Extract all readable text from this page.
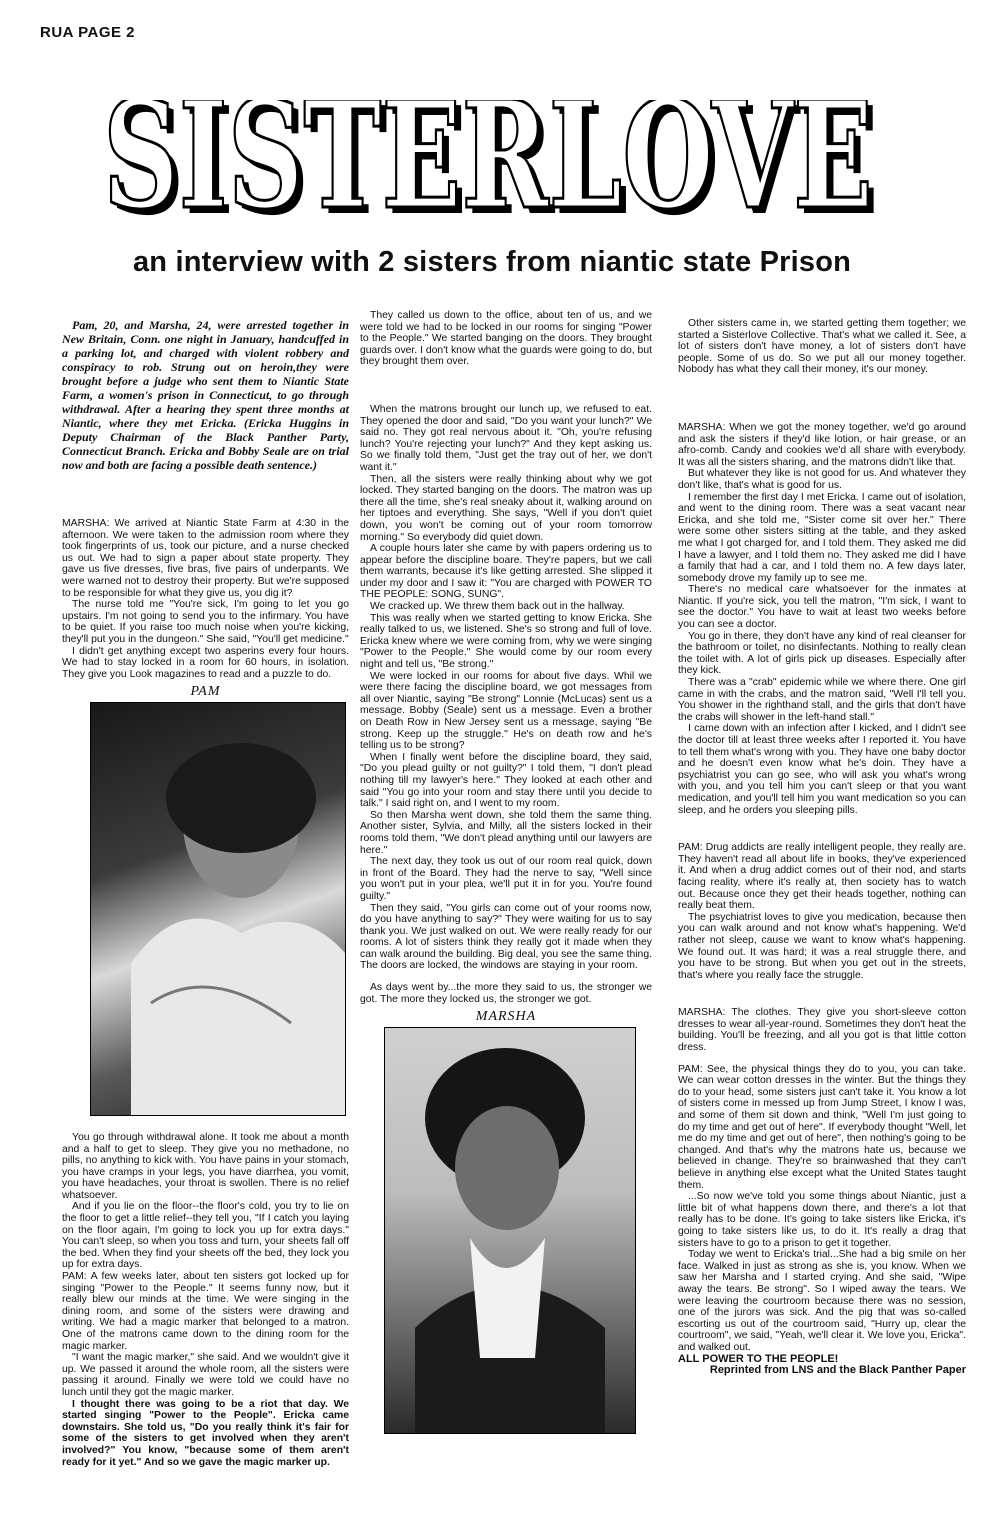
RUA PAGE 2
SISTERLOVE
SISTERLOVE
an interview with 2 sisters from niantic state Prison

Pam, 20, and Marsha, 24, were arrested together in New Britain, Conn. one night in January, handcuffed in a parking lot, and charged with violent robbery and conspiracy to rob. Strung out on heroin,they were brought before a judge who sent them to Niantic State Farm, a women's prison in Connecticut, to go through withdrawal. After a hearing they spent three months at Niantic, where they met Ericka. (Ericka Huggins in Deputy Chairman of the Black Panther Party, Connecticut Branch. Ericka and Bobby Seale are on trial now and both are facing a possible death sentence.)

MARSHA: We arrived at Niantic State Farm at 4:30 in the afternoon. We were taken to the admission room where they took fingerprints of us, took our picture, and a nurse checked us out. We had to sign a paper about state property. They gave us five dresses, five bras, five pairs of underpants. We were warned not to destroy their property. But we're supposed to be responsible for what they give us, you dig it?

The nurse told me "You're sick, I'm going to let you go upstairs. I'm not going to send you to the infirmary. You have to be quiet. If you raise too much noise when you're kicking, they'll put you in the dungeon." She said, "You'll get medicine."

I didn't get anything except two asperins every four hours. We had to stay locked in a room for 60 hours, in isolation. They give you Look magazines to read and a puzzle to do.

PAM

You go through withdrawal alone. It took me about a month and a half to get to sleep. They give you no methadone, no pills, no anything to kick with. You have pains in your stomach, you have cramps in your legs, you have diarrhea, you vomit, you have headaches, your throat is swollen. There is no relief whatsoever.

And if you lie on the floor--the floor's cold, you try to lie on the floor to get a little relief--they tell you, "If I catch you laying on the floor again, I'm going to lock you up for extra days." You can't sleep, so when you toss and turn, your sheets fall off the bed. When they find your sheets off the bed, they lock you up for extra days.

PAM: A few weeks later, about ten sisters got locked up for singing "Power to the People." It seems funny now, but it really blew our minds at the time. We were singing in the dining room, and some of the sisters were drawing and writing. We had a magic marker that belonged to a matron. One of the matrons came down to the dining room for the magic marker.

"I want the magic marker," she said. And we wouldn't give it up. We passed it around the whole room, all the sisters were passing it around. Finally we were told we could have no lunch until they got the magic marker.

I thought there was going to be a riot that day. We started singing "Power to the People". Ericka came downstairs. She told us, "Do you really think it's fair for some of the sisters to get involved when they aren't involved?" You know, "because some of them aren't ready for it yet." And so we gave the magic marker up.

They called us down to the office, about ten of us, and we were told we had to be locked in our rooms for singing "Power to the People." We started banging on the doors. They brought guards over. I don't know what the guards were going to do, but they brought them over.

When the matrons brought our lunch up, we refused to eat. They opened the door and said, "Do you want your lunch?" We said no. They got real nervous about it. "Oh, you're refusing lunch? You're rejecting your lunch?" And they kept asking us. So we finally told them, "Just get the tray out of her, we don't want it."

Then, all the sisters were really thinking about why we got locked. They started banging on the doors. The matron was up there all the time, she's real sneaky about it, walking around on her tiptoes and everything. She says, "Well if you don't quiet down, you won't be coming out of your room tomorrow morning." So everybody did quiet down.

A couple hours later she came by with papers ordering us to appear before the discipline boare. They're papers, but we call them warrants, because it's like getting arrested. She slipped it under my door and I saw it: "You are charged with POWER TO THE PEOPLE: SONG, SUNG".

We cracked up. We threw them back out in the hallway.

This was really when we started getting to know Ericka. She really talked to us, we listened. She's so strong and full of love. Ericka knew where we were coming from, why we were singing "Power to the People." She would come by our room every night and tell us, "Be strong."

We were locked in our rooms for about five days. Whil we were there facing the discipline board, we got messages from all over Niantic, saying "Be strong" Lonnie (McLucas) sent us a message. Bobby (Seale) sent us a message. Even a brother on Death Row in New Jersey sent us a message, saying "Be strong. Keep up the struggle." He's on death row and he's telling us to be strong?

When I finally went before the discipline board, they said, "Do you plead guilty or not guilty?" I told them, "I don't plead nothing till my lawyer's here." They looked at each other and said "You go into your room and stay there until you decide to talk." I said right on, and I went to my room.

So then Marsha went down, she told them the same thing. Another sister, Sylvia, and Milly, all the sisters locked in their rooms told them, "We don't plead anything until our lawyers are here."

The next day, they took us out of our room real quick, down in front of the Board. They had the nerve to say, "Well since you won't put in your plea, we'll put it in for you. You're found guilty."

Then they said, "You girls can come out of your rooms now, do you have anything to say?" They were waiting for us to say thank you. We just walked on out. We were really ready for our rooms. A lot of sisters think they really got it made when they can walk around the building. Big deal, you see the same thing. The doors are locked, the windows are staying in your room.

As days went by...the more they said to us, the stronger we got. The more they locked us, the stronger we got.

MARSHA

Other sisters came in, we started getting them together; we started a Sisterlove Collective. That's what we called it. See, a lot of sisters don't have money, a lot of sisters don't have people. Some of us do. So we put all our money together. Nobody has what they call their money, it's our money.

MARSHA: When we got the money together, we'd go around and ask the sisters if they'd like lotion, or hair grease, or an afro-comb. Candy and cookies we'd all share with everybody. It was all the sisters sharing, and the matrons didn't like that.

But whatever they like is not good for us. And whatever they don't like, that's what is good for us.

I remember the first day I met Ericka. I came out of isolation, and went to the dining room. There was a seat vacant near Ericka, and she told me, "Sister come sit over her." There were some other sisters sitting at the table, and they asked me what I got charged for, and I told them. They asked me did I have a lawyer, and I told them no. They asked me did I have a family that had a car, and I told them no. A few days later, somebody drove my family up to see me.

There's no medical care whatsoever for the inmates at Niantic. If you're sick, you tell the matron, "I'm sick, I want to see the doctor." You have to wait at least two weeks before you can see a doctor.

You go in there, they don't have any kind of real cleanser for the bathroom or toilet, no disinfectants. Nothing to really clean the toilet with. A lot of girls pick up diseases. Especially after they kick.

There was a "crab" epidemic while we where there. One girl came in with the crabs, and the matron said, "Well I'll tell you. You shower in the righthand stall, and the girls that don't have the crabs will shower in the left-hand stall."

I came down with an infection after I kicked, and I didn't see the doctor till at least three weeks after I reported it. You have to tell them what's wrong with you. They have one baby doctor and he doesn't even know what he's doin. They have a psychiatrist you can go see, who will ask you what's wrong with you, and you tell him you can't sleep or that you want medication, and you'll tell him you want medication so you can sleep, and he orders you sleeping pills.

PAM: Drug addicts are really intelligent people, they really are. They haven't read all about life in books, they've experienced it. And when a drug addict comes out of their nod, and starts facing reality, where it's really at, then society has to watch out. Because once they get their heads together, nothing can really beat them.

The psychiatrist loves to give you medication, because then you can walk around and not know what's happening. We'd rather not sleep, cause we want to know what's happening. We found out. It was hard; it was a real struggle there, and you have to be strong. But when you get out in the streets, that's where you really face the struggle.

MARSHA: The clothes. They give you short-sleeve cotton dresses to wear all-year-round. Sometimes they don't heat the building. You'll be freezing, and all you got is that little cotton dress.

PAM: See, the physical things they do to you, you can take. We can wear cotton dresses in the winter. But the things they do to your head, some sisters just can't take it. You know a lot of sisters come in messed up from Jump Street, I know I was, and some of them sit down and think, "Well I'm just going to do my time and get out of here". If everybody thought "Well, let me do my time and get out of here", then nothing's going to be changed. And that's why the matrons hate us, because we believed in change. They're so brainwashed that they can't believe in anything else except what the United States taught them.

...So now we've told you some things about Niantic, just a little bit of what happens down there, and there's a lot that really has to be done. It's going to take sisters like Ericka, it's going to take sisters like us, to do it. It's really a drag that sisters have to go to a prison to get it together.

Today we went to Ericka's trial...She had a big smile on her face. Walked in just as strong as she is, you know. When we saw her Marsha and I started crying. And she said, "Wipe away the tears. Be strong". So I wiped away the tears. We were leaving the courtroom because there was no session, one of the jurors was sick. And the pig that was so-called escorting us out of the courtroom said, "Hurry up, clear the courtroom", we said, "Yeah, we'll clear it. We love you, Ericka". and walked out.

ALL POWER TO THE PEOPLE!

Reprinted from LNS and the Black Panther Paper
